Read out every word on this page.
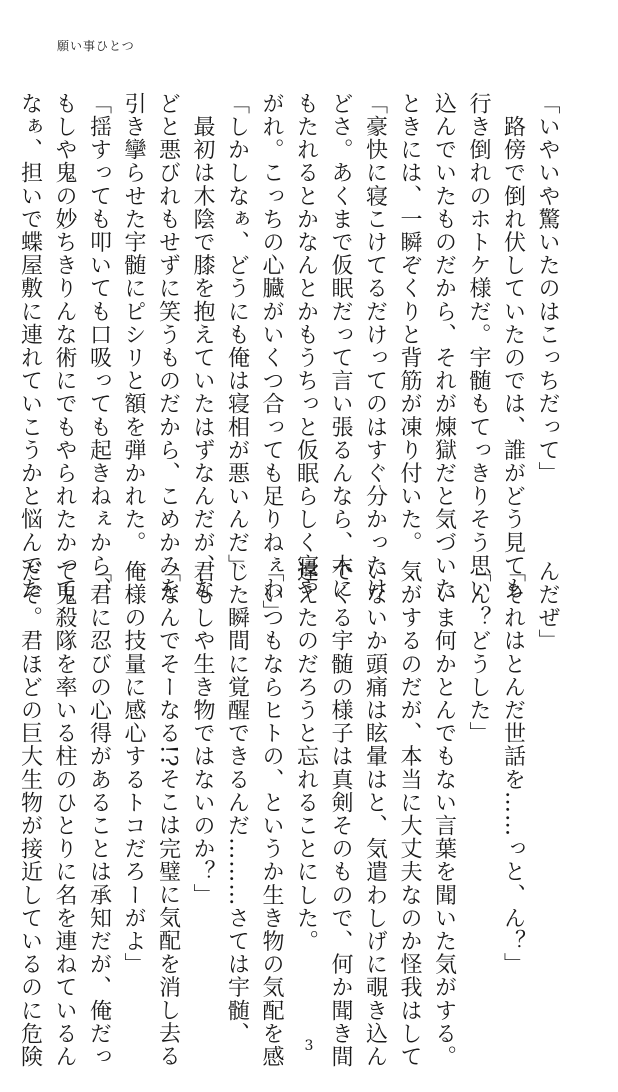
願い事ひとつ
「いやいや驚いたのはこっちだって」
　路傍で倒れ伏していたのでは、誰がどう見ても
行き倒れのホトケ様だ。宇髄もてっきりそう思い
込んでいたものだから、それが煉獄だと気づいた
ときには、一瞬ぞくりと背筋が凍り付いた。
「豪快に寝こけてるだけってのはすぐ分かったけ
どさ。あくまで仮眠だって言い張るんなら、木に
もたれるとかなんとかもうちっと仮眠らしく寝や
がれ。こっちの心臓がいくつ合っても足りねぇわ」
「しかしなぁ、どうにも俺は寝相が悪いんだ」
　最初は木陰で膝を抱えていたはずなんだが、な
どと悪びれもせずに笑うものだから、こめかみを
引き攣らせた宇髄にピシリと額を弾かれた。
「揺すっても叩いても口吸っても起きねぇから、
もしや鬼の妙ちきりんな術にでもやられたかって
なぁ、担いで蝶屋敷に連れていこうかと悩んでた
んだぜ」
「それはとんだ世話を……っと、ん？」
「ん？どうした」
　いま何かとんでもない言葉を聞いた気がする。
気がするのだが、本当に大丈夫なのか怪我はして
いないか頭痛は眩暈はと、気遣わしげに覗き込ん
でくる宇髄の様子は真剣そのもので、何か聞き間
違えたのだろうと忘れることにした。
「いつもならヒトの、というか生き物の気配を感
じた瞬間に覚醒できるんだ………さては宇髄、
君もしや生き物ではないのか？」
「なんでそーなる!?そこは完璧に気配を消し去る
俺様の技量に感心するトコだろーがよ」
「君に忍びの心得があることは承知だが、俺だっ
て鬼殺隊を率いる柱のひとりに名を連ねているん
だぞ。君ほどの巨大生物が接近しているのに危険	3
